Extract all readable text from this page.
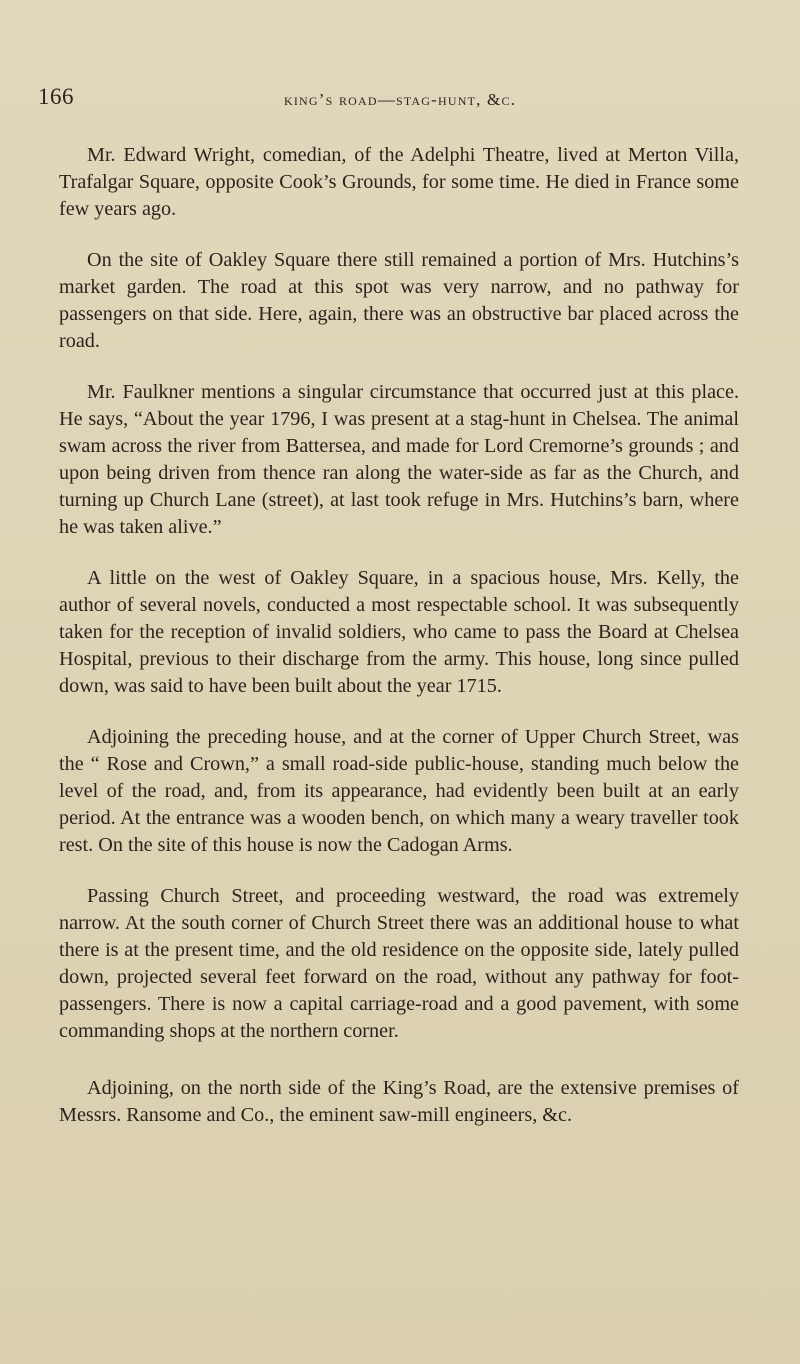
166	king’s road—stag-hunt, &c.

Mr. Edward Wright, comedian, of the Adelphi Theatre, lived at Merton Villa, Trafalgar Square, opposite Cook’s Grounds, for some time. He died in France some few years ago.

On the site of Oakley Square there still remained a portion of Mrs. Hutchins’s market garden. The road at this spot was very narrow, and no pathway for passengers on that side. Here, again, there was an obstructive bar placed across the road.

Mr. Faulkner mentions a singular circumstance that occurred just at this place. He says, “About the year 1796, I was present at a stag-hunt in Chelsea. The animal swam across the river from Battersea, and made for Lord Cremorne’s grounds ; and upon being driven from thence ran along the water-side as far as the Church, and turning up Church Lane (street), at last took refuge in Mrs. Hutchins’s barn, where he was taken alive.”

A little on the west of Oakley Square, in a spacious house, Mrs. Kelly, the author of several novels, conducted a most respectable school. It was subsequently taken for the reception of invalid soldiers, who came to pass the Board at Chelsea Hospital, previous to their discharge from the army. This house, long since pulled down, was said to have been built about the year 1715.

Adjoining the preceding house, and at the corner of Upper Church Street, was the “ Rose and Crown,” a small road-side public-house, standing much below the level of the road, and, from its appearance, had evidently been built at an early period. At the entrance was a wooden bench, on which many a weary traveller took rest. On the site of this house is now the Cadogan Arms.

Passing Church Street, and proceeding westward, the road was extremely narrow. At the south corner of Church Street there was an additional house to what there is at the present time, and the old residence on the opposite side, lately pulled down, projected several feet forward on the road, without any pathway for foot-passengers. There is now a capital carriage-road and a good pavement, with some commanding shops at the northern corner.

Adjoining, on the north side of the King’s Road, are the extensive premises of Messrs. Ransome and Co., the eminent saw-mill engineers, &c.
